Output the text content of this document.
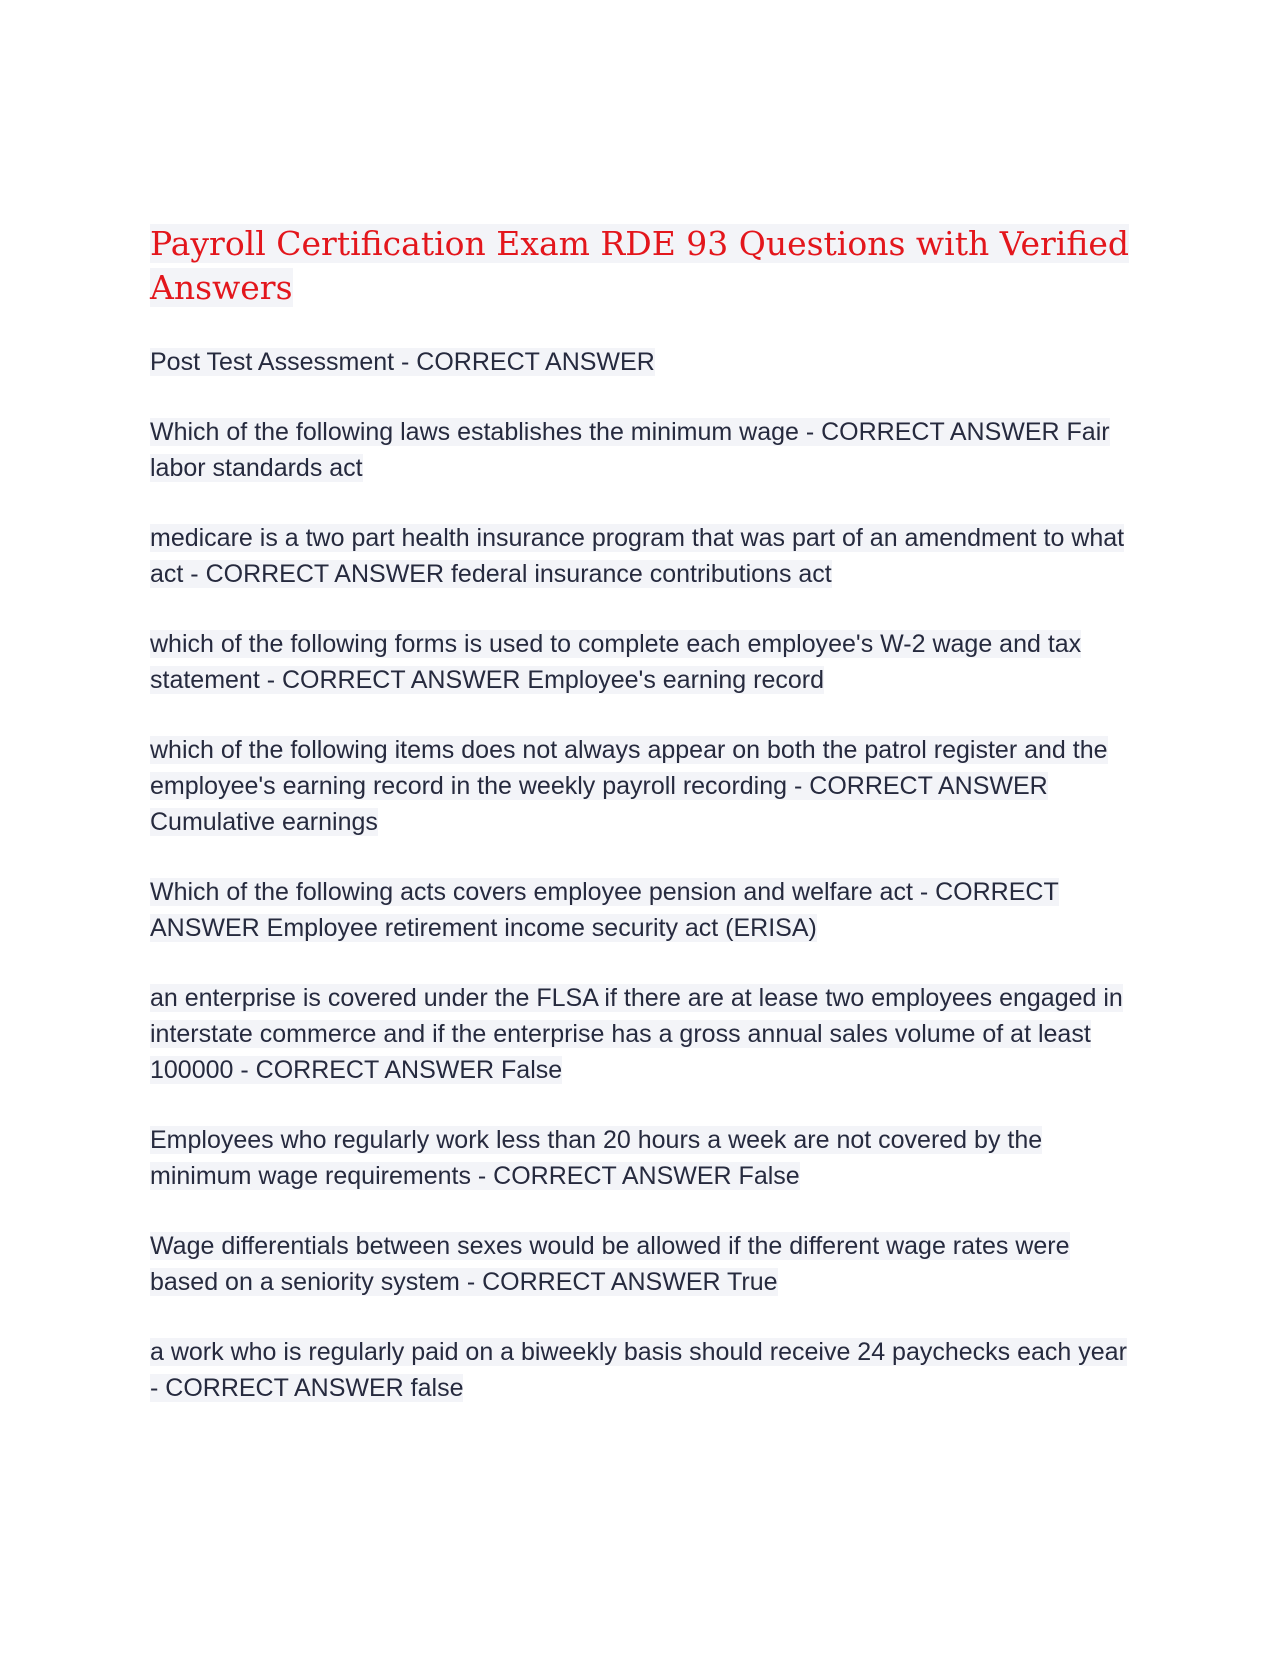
Payroll Certification Exam RDE 93 Questions with Verified Answers

Post Test Assessment - CORRECT ANSWER

Which of the following laws establishes the minimum wage - CORRECT ANSWER Fair labor standards act

medicare is a two part health insurance program that was part of an amendment to what act - CORRECT ANSWER federal insurance contributions act

which of the following forms is used to complete each employee's W-2 wage and tax statement - CORRECT ANSWER Employee's earning record

which of the following items does not always appear on both the patrol register and the employee's earning record in the weekly payroll recording - CORRECT ANSWER Cumulative earnings

Which of the following acts covers employee pension and welfare act - CORRECT ANSWER Employee retirement income security act (ERISA)

an enterprise is covered under the FLSA if there are at lease two employees engaged in interstate commerce and if the enterprise has a gross annual sales volume of at least 100000 - CORRECT ANSWER False

Employees who regularly work less than 20 hours a week are not covered by the minimum wage requirements - CORRECT ANSWER False

Wage differentials between sexes would be allowed if the different wage rates were based on a seniority system - CORRECT ANSWER True

a work who is regularly paid on a biweekly basis should receive 24 paychecks each year - CORRECT ANSWER false
